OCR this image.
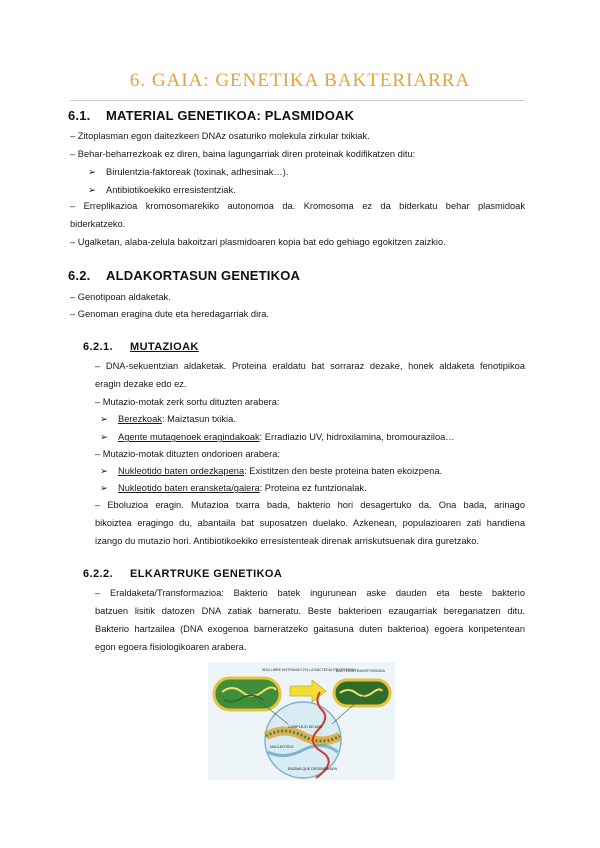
6. GAIA: GENETIKA BAKTERIARRA
6.1. MATERIAL GENETIKOA: PLASMIDOAK

– Zitoplasman egon daitezkeen DNAz osaturiko molekula zirkular txikiak.

– Behar-beharrezkoak ez diren, baina lagungarriak diren proteinak kodifikatzen ditu:

➢ Birulentzia-faktoreak (toxinak, adhesinak…).
➢ Antibiotikoekiko erresistentziak.

– Erreplikazioa kromosomarekiko autonomoa da. Kromosoma ez da biderkatu behar plasmidoak

biderkatzeko.

– Ugalketan, alaba-zelula bakoitzari plasmidoaren kopia bat edo gehiago egokitzen zaizkio.

6.2. ALDAKORTASUN GENETIKOA

– Genotipoan aldaketak.

– Genoman eragina dute eta heredagarriak dira.

6.2.1. MUTAZIOAK

– DNA-sekuentzian aldaketak. Proteina eraldatu bat sorraraz dezake, honek aldaketa fenotipikoa

eragin dezake edo ez.

– Mutazio-motak zerk sortu dituzten arabera:

➢ Berezkoak: Maiztasun txikia.
➢ Agente mutagenoek eragindakoak: Erradiazio UV, hidroxilamina, bromouraziloa…

– Mutazio-motak dituzten ondorioen arabera:

➢ Nukleotido baten ordezkapena: Existitzen den beste proteina baten ekoizpena.
➢ Nukleotido baten eransketa/galera: Proteina ez funtzionalak.

– Eboluzioa eragin. Mutazioa txarra bada, bakterio hori desagertuko da. Ona bada, arinago

bikoiztea eragingo du, abantaila bat suposatzen duelako. Azkenean, populazioaren zati handiena

izango du mutazio hori. Antibiotikoekiko erresistenteak direnak arriskutsuenak dira guretzako.

6.2.2. ELKARTRUKE GENETIKOA

– Eraldaketa/Transformazioa: Bakterio batek ingurunean aske dauden eta beste bakterio

batzuen lisitik datozen DNA zatiak barneratu. Beste bakterioen ezaugarriak bereganatzen ditu.

Bakterio hartzailea (DNA exogenoa barneratzeko gaitasuna duten bakterioa) egoera konpetentean

egon egoera fisiologikoaren arabera.

ADN LIBRE ENTRANDO EN LA BACTERIA RECEPTORA
BACTERIA TRANSFORMADA
COMPLEJO DE ADN
NUCLEOTIDO
ENZIMA QUE DEGRADA ADN
